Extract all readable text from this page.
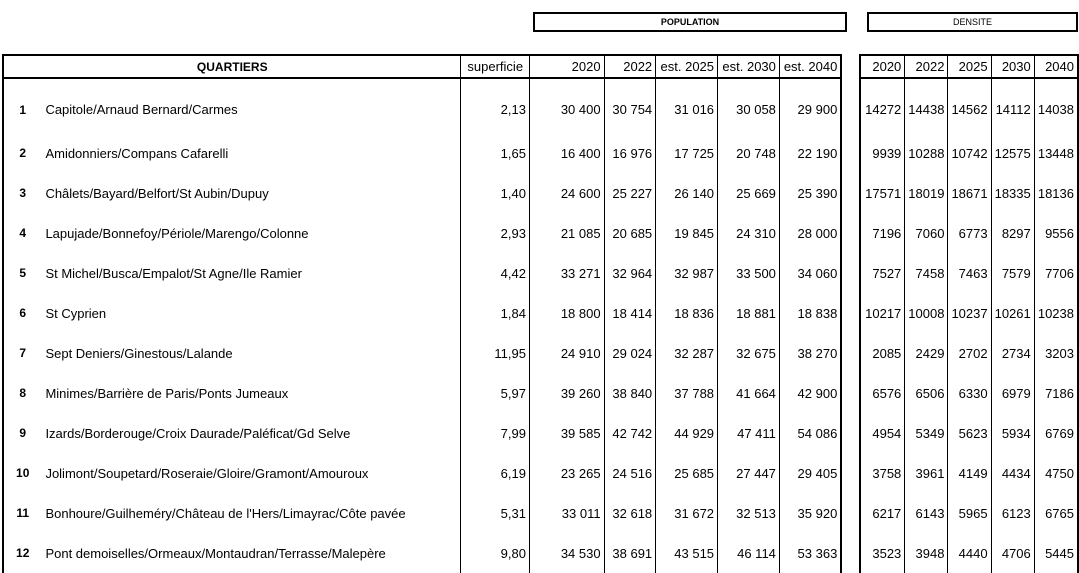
POPULATION	DENSITE
QUARTIERS		superficie	2020	2022	est. 2025	est. 2030	est. 2040		2020	2022	2025	2030	2040
1	Capitole/Arnaud Bernard/Carmes	2,13	30 400	30 754	31 016	30 058	29 900		14272	14438	14562	14112	14038
2	Amidonniers/Compans Cafarelli	1,65	16 400	16 976	17 725	20 748	22 190		9939	10288	10742	12575	13448
3	Châlets/Bayard/Belfort/St Aubin/Dupuy	1,40	24 600	25 227	26 140	25 669	25 390		17571	18019	18671	18335	18136
4	Lapujade/Bonnefoy/Périole/Marengo/Colonne	2,93	21 085	20 685	19 845	24 310	28 000		7196	7060	6773	8297	9556
5	St Michel/Busca/Empalot/St Agne/Ile Ramier	4,42	33 271	32 964	32 987	33 500	34 060		7527	7458	7463	7579	7706
6	St Cyprien	1,84	18 800	18 414	18 836	18 881	18 838		10217	10008	10237	10261	10238
7	Sept Deniers/Ginestous/Lalande	11,95	24 910	29 024	32 287	32 675	38 270		2085	2429	2702	2734	3203
8	Minimes/Barrière de Paris/Ponts Jumeaux	5,97	39 260	38 840	37 788	41 664	42 900		6576	6506	6330	6979	7186
9	Izards/Borderouge/Croix Daurade/Paléficat/Gd Selve	7,99	39 585	42 742	44 929	47 411	54 086		4954	5349	5623	5934	6769
10	Jolimont/Soupetard/Roseraie/Gloire/Gramont/Amouroux	6,19	23 265	24 516	25 685	27 447	29 405		3758	3961	4149	4434	4750
11	Bonhoure/Guilheméry/Château de l'Hers/Limayrac/Côte pavée	5,31	33 011	32 618	31 672	32 513	35 920		6217	6143	5965	6123	6765
12	Pont demoiselles/Ormeaux/Montaudran/Terrasse/Malepère	9,80	34 530	38 691	43 515	46 114	53 363		3523	3948	4440	4706	5445
